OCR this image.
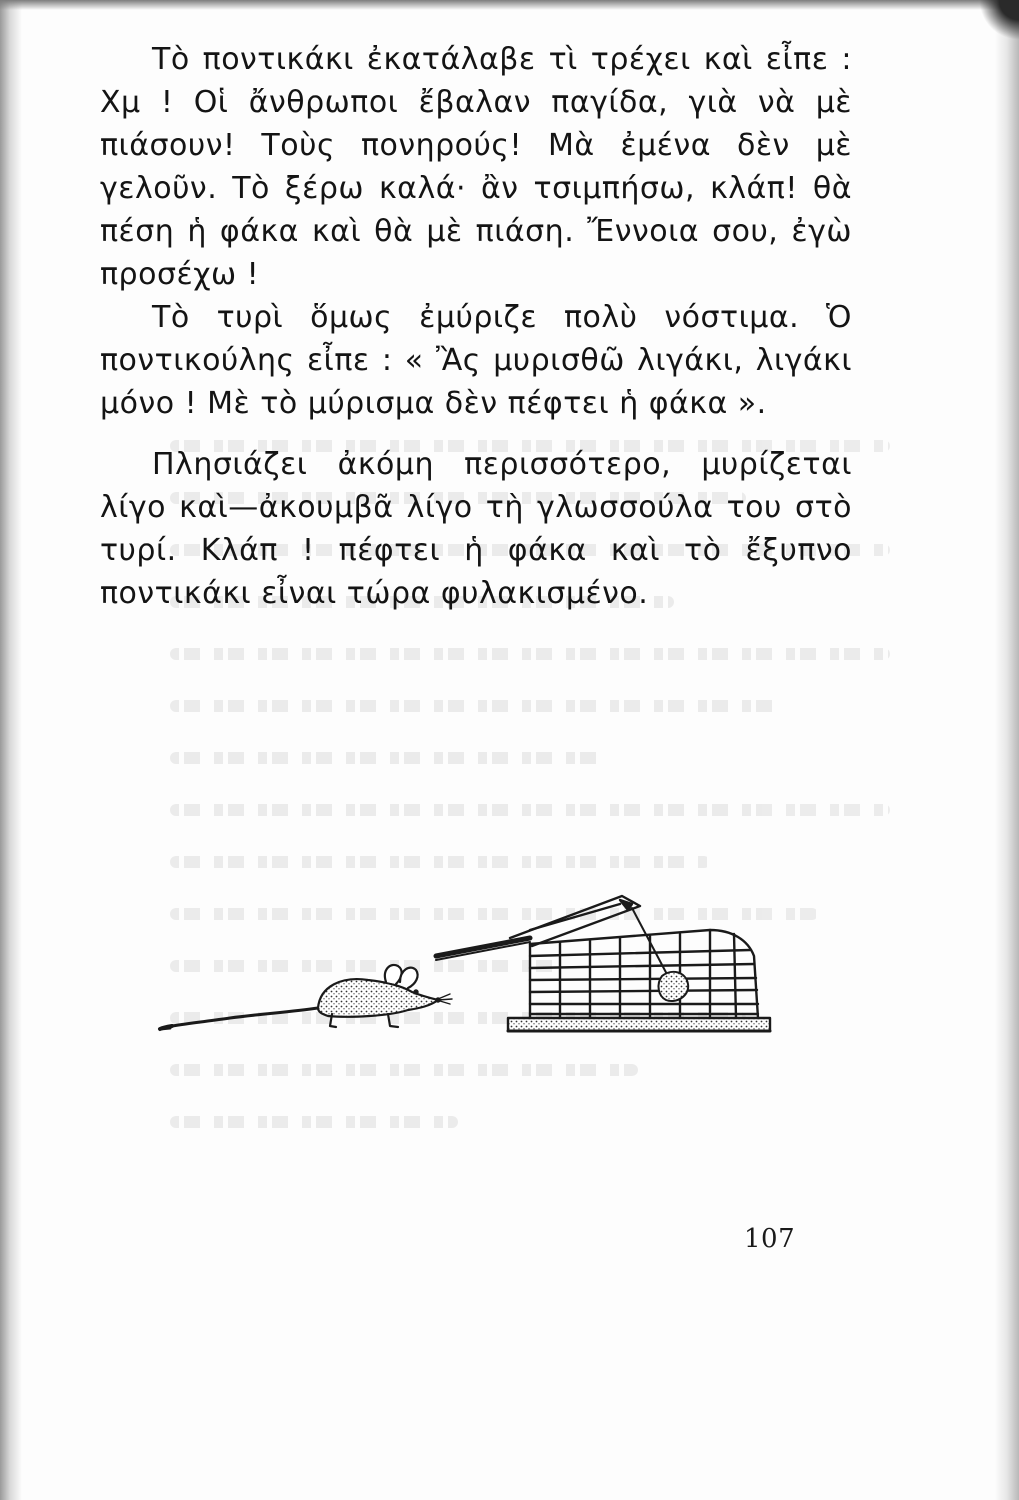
Τὸ ποντικάκι ἐκατάλαβε τὶ τρέχει καὶ εἶπε : Χμ ! Οἱ ἄνθρωποι ἔβαλαν παγίδα, γιὰ νὰ μὲ πιάσουν! Τοὺς πονηρούς! Μὰ ἐμένα δὲν μὲ γελοῦν. Τὸ ξέρω καλά· ἂν τσιμπήσω, κλάπ! θὰ πέση ἡ φάκα καὶ θὰ μὲ πιάση. Ἔννοια σου, ἐγὼ προσέχω !

Τὸ τυρὶ ὅμως ἐμύριζε πολὺ νόστιμα. Ὁ ποντικούλης εἶπε : « Ἂς μυρισθῶ λιγάκι, λιγάκι μόνο ! Μὲ τὸ μύρισμα δὲν πέφτει ἡ φάκα ».

Πλησιάζει ἀκόμη περισσότερο, μυρίζεται λίγο καὶ—ἀκουμβᾶ λίγο τὴ γλωσσούλα του στὸ τυρί. Κλάπ ! πέφτει ἡ φάκα καὶ τὸ ἔξυπνο ποντικάκι εἶναι τώρα φυλακισμένο.

107
